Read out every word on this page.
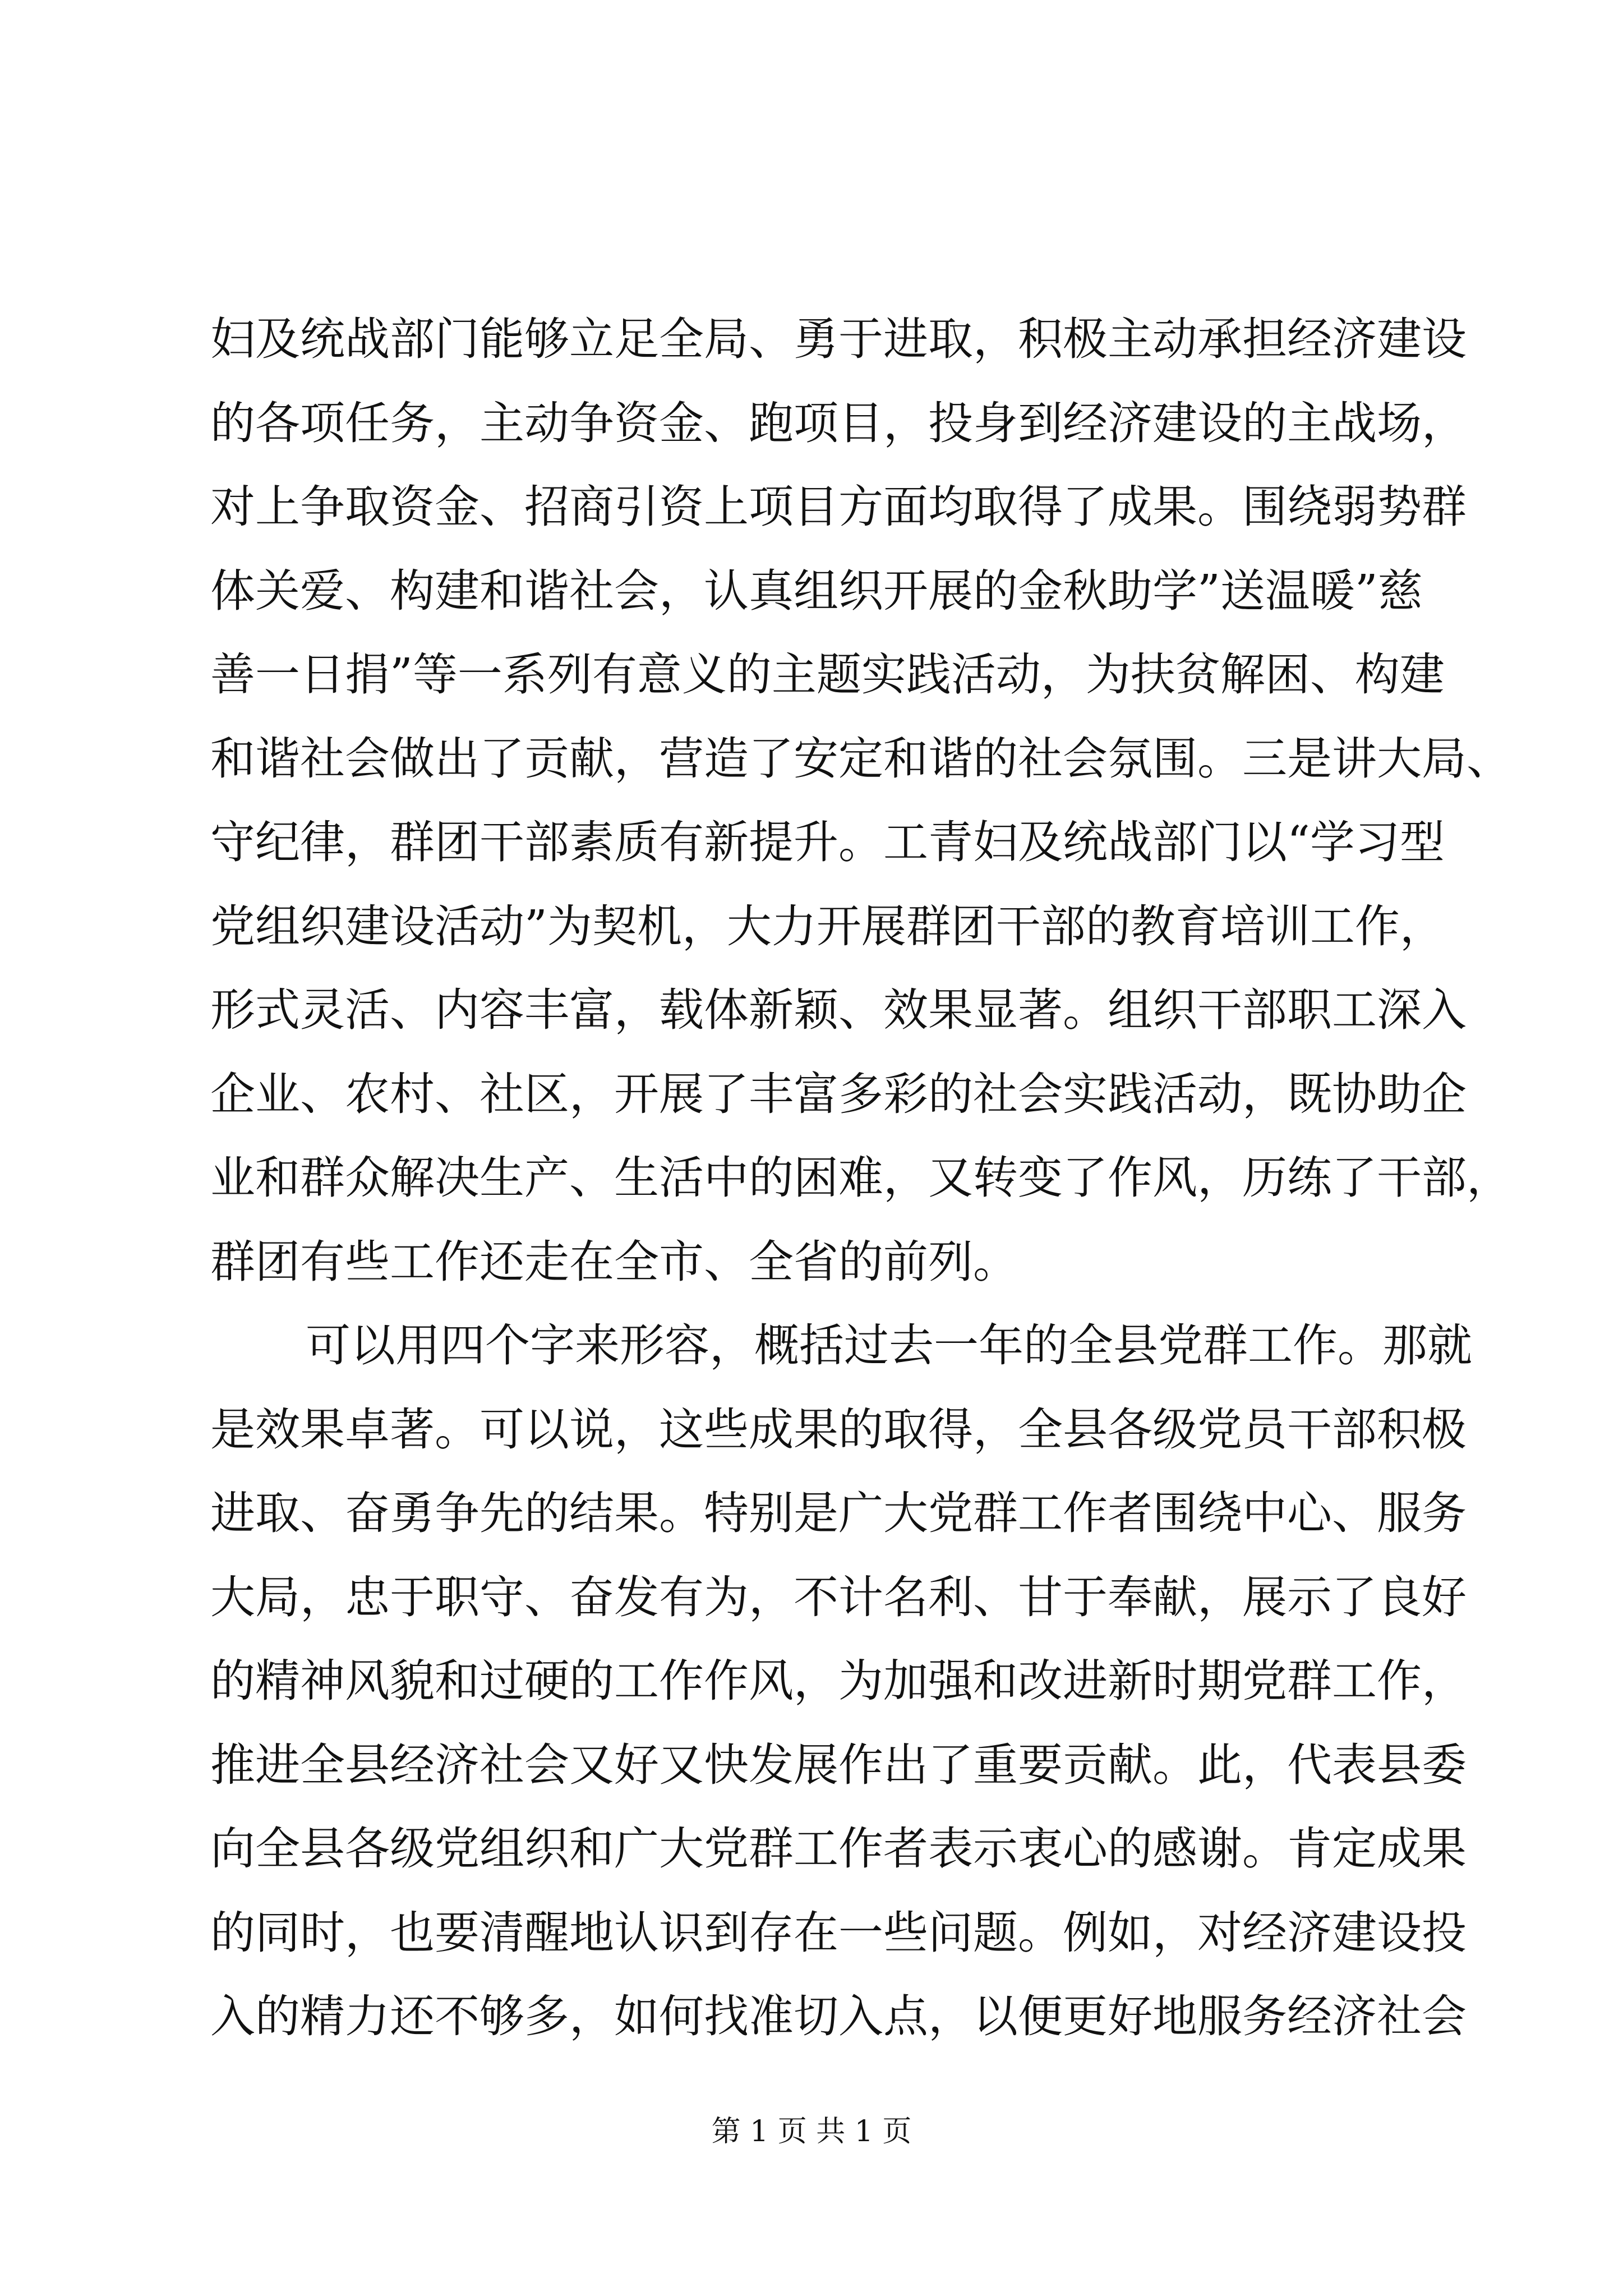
妇及统战部门能够立足全局、勇于进取，积极主动承担经济建设
的各项任务，主动争资金、跑项目，投身到经济建设的主战场，
对上争取资金、招商引资上项目方面均取得了成果。围绕弱势群
体关爱、构建和谐社会，认真组织开展的金秋助学”送温暖”慈
善一日捐”等一系列有意义的主题实践活动，为扶贫解困、构建
和谐社会做出了贡献，营造了安定和谐的社会氛围。三是讲大局、
守纪律，群团干部素质有新提升。工青妇及统战部门以“学习型
党组织建设活动”为契机，大力开展群团干部的教育培训工作，
形式灵活、内容丰富，载体新颖、效果显著。组织干部职工深入
企业、农村、社区，开展了丰富多彩的社会实践活动，既协助企
业和群众解决生产、生活中的困难，又转变了作风，历练了干部，
群团有些工作还走在全市、全省的前列。
可以用四个字来形容，概括过去一年的全县党群工作。那就
是效果卓著。可以说，这些成果的取得，全县各级党员干部积极
进取、奋勇争先的结果。特别是广大党群工作者围绕中心、服务
大局，忠于职守、奋发有为，不计名利、甘于奉献，展示了良好
的精神风貌和过硬的工作作风，为加强和改进新时期党群工作，
推进全县经济社会又好又快发展作出了重要贡献。此，代表县委
向全县各级党组织和广大党群工作者表示衷心的感谢。肯定成果
的同时，也要清醒地认识到存在一些问题。例如，对经济建设投
入的精力还不够多，如何找准切入点，以便更好地服务经济社会
第 1 页 共 1 页
